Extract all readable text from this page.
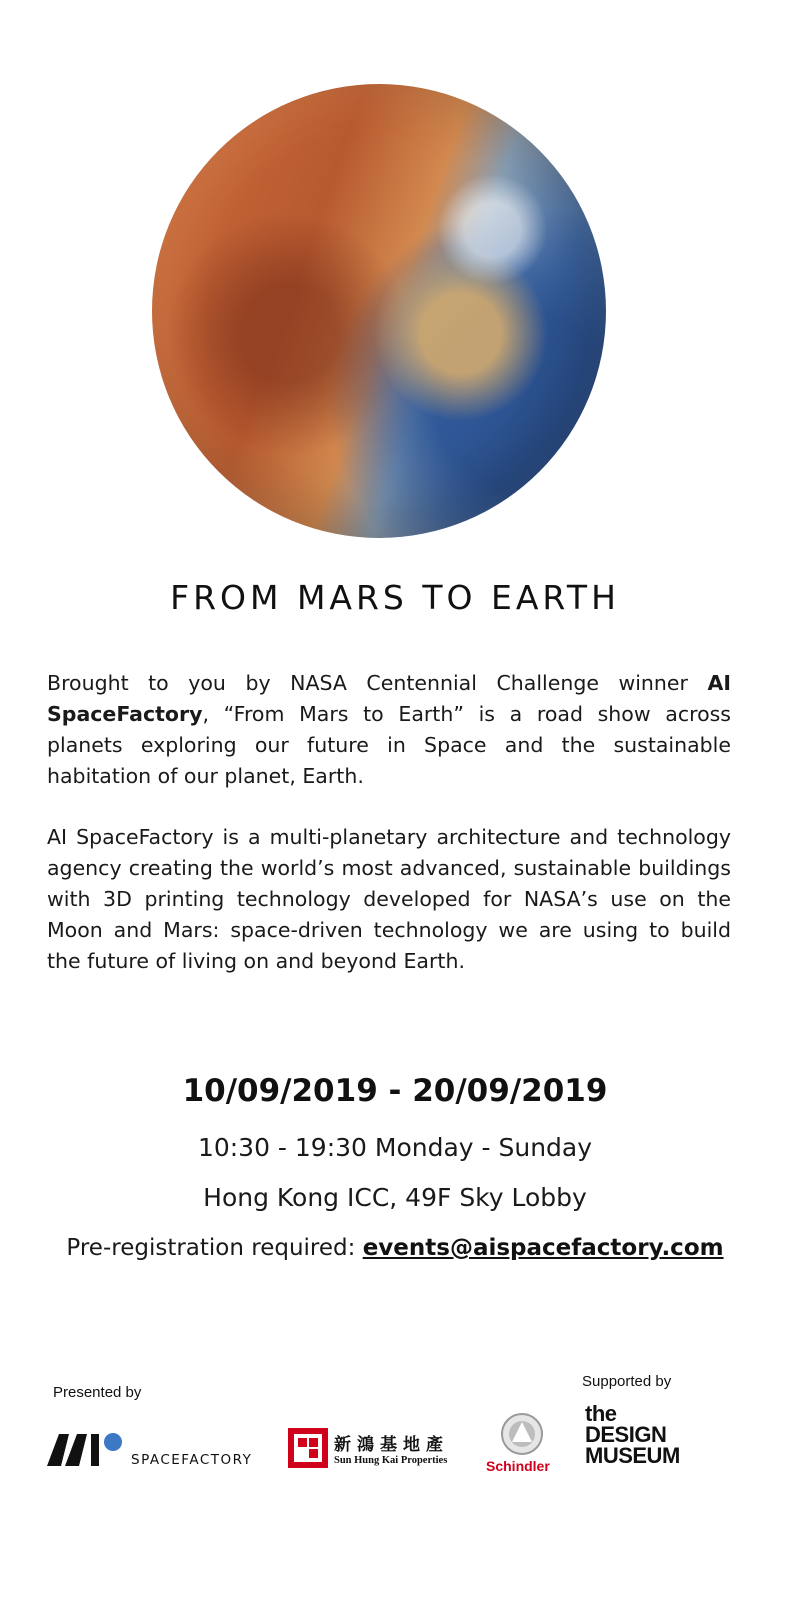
FROM MARS TO EARTH

Brought to you by NASA Centennial Challenge winner AI SpaceFactory, “From Mars to Earth” is a road show across planets exploring our future in Space and the sustainable habitation of our planet, Earth.

AI SpaceFactory is a multi-planetary architecture and technology agency creating the world’s most advanced, sustainable buildings with 3D printing technology developed for NASA’s use on the Moon and Mars: space-driven technology we are using to build the future of living on and beyond Earth.

10/09/2019 - 20/09/2019
10:30 - 19:30 Monday - Sunday
Hong Kong ICC, 49F Sky Lobby
Pre-registration required: events@aispacefactory.com
Presented by
Supported by
SPACEFACTORY
新鴻基地產
Sun Hung Kai Properties	Schindler
the
DESIGN
MUSEUM
